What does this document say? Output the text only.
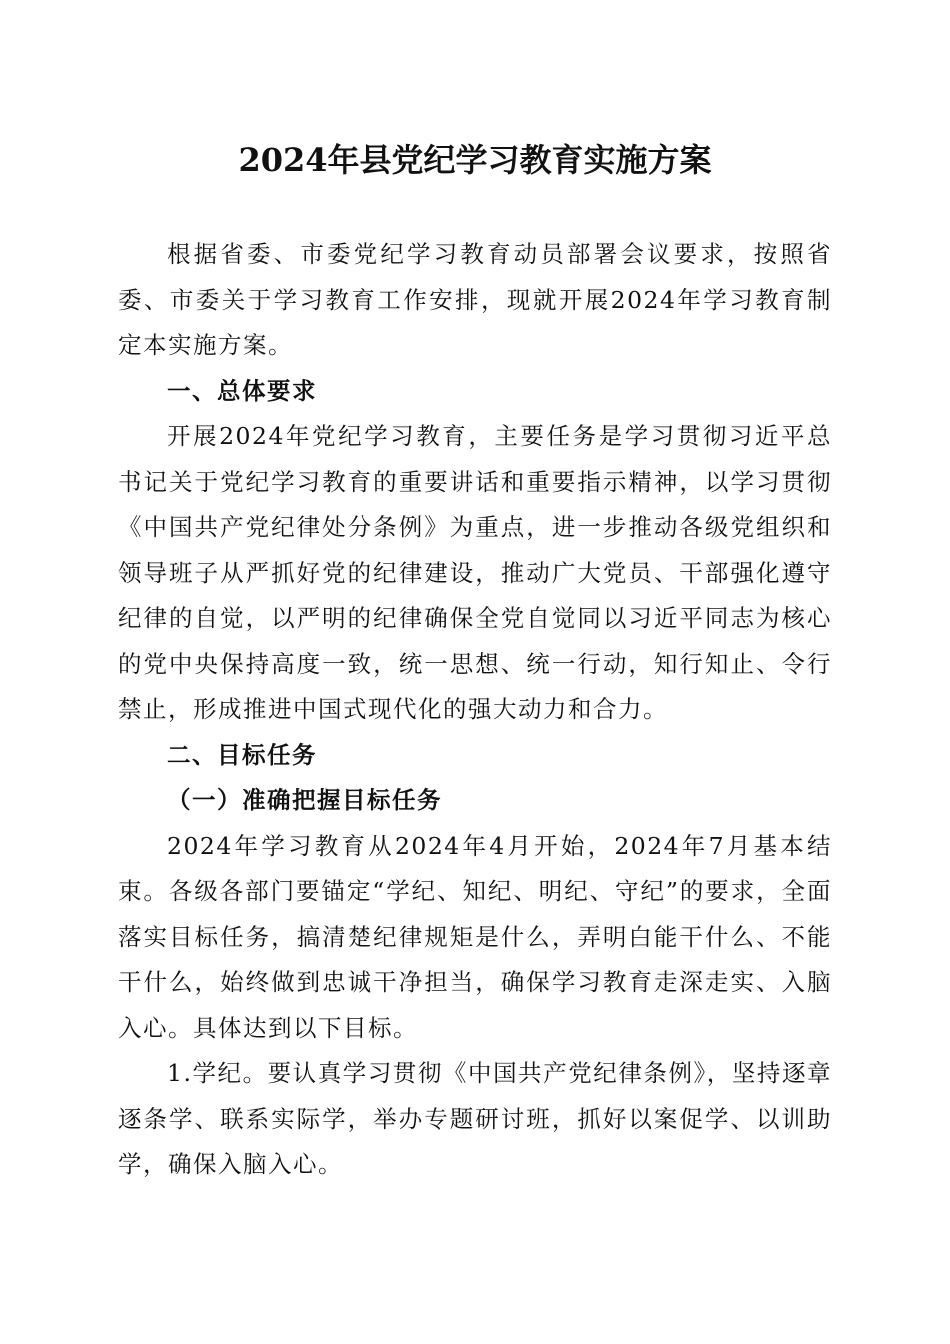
2024年县党纪学习教育实施方案

根据省委、市委党纪学习教育动员部署会议要求，按照省委、市委关于学习教育工作安排，现就开展2024年学习教育制定本实施方案。

一、总体要求

开展2024年党纪学习教育，主要任务是学习贯彻习近平总书记关于党纪学习教育的重要讲话和重要指示精神，以学习贯彻《中国共产党纪律处分条例》为重点，进一步推动各级党组织和领导班子从严抓好党的纪律建设，推动广大党员、干部强化遵守纪律的自觉，以严明的纪律确保全党自觉同以习近平同志为核心的党中央保持高度一致，统一思想、统一行动，知行知止、令行禁止，形成推进中国式现代化的强大动力和合力。

二、目标任务

（一）准确把握目标任务

2024年学习教育从2024年4月开始，2024年7月基本结束。各级各部门要锚定“学纪、知纪、明纪、守纪”的要求，全面落实目标任务，搞清楚纪律规矩是什么，弄明白能干什么、不能干什么，始终做到忠诚干净担当，确保学习教育走深走实、入脑入心。具体达到以下目标。

1.学纪。要认真学习贯彻《中国共产党纪律条例》，坚持逐章逐条学、联系实际学，举办专题研讨班，抓好以案促学、以训助学，确保入脑入心。
